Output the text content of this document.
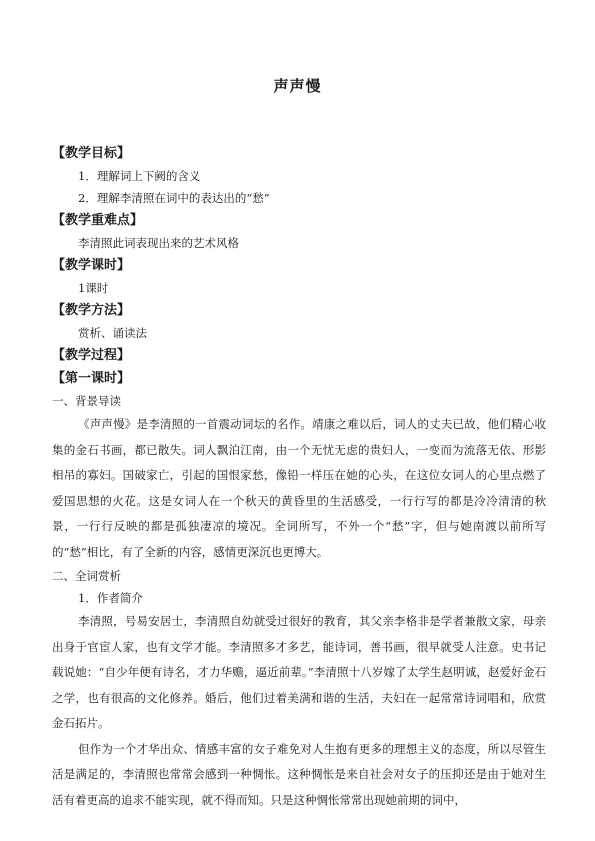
声声慢
【教学目标】
1．理解词上下阙的含义
2．理解李清照在词中的表达出的“愁”
【教学重难点】
李清照此词表现出来的艺术风格
【教学课时】
1课时
【教学方法】
赏析、诵读法
【教学过程】
【第一课时】
一、背景导读

《声声慢》是李清照的一首震动词坛的名作。靖康之难以后，词人的丈夫已故，他们精心收集的金石书画，都已散失。词人飘泊江南，由一个无忧无虑的贵妇人，一变而为流落无依、形影相吊的寡妇。国破家亡，引起的国恨家愁，像铅一样压在她的心头，在这位女词人的心里点燃了爱国思想的火花。这是女词人在一个秋天的黄昏里的生活感受，一行行写的都是冷冷清清的秋景，一行行反映的都是孤独凄凉的境况。全词所写，不外一个“愁”字，但与她南渡以前所写的“愁”相比，有了全新的内容，感情更深沉也更博大。

二、全词赏析
1．作者简介

李清照，号易安居士，李清照自幼就受过很好的教育，其父亲李格非是学者兼散文家，母亲出身于官宦人家，也有文学才能。李清照多才多艺，能诗词，善书画，很早就受人注意。史书记载说她：“自少年便有诗名，才力华赡，逼近前辈。”李清照十八岁嫁了太学生赵明诚，赵爱好金石之学，也有很高的文化修养。婚后，他们过着美满和谐的生活，夫妇在一起常常诗词唱和，欣赏金石拓片。

但作为一个才华出众、情感丰富的女子难免对人生抱有更多的理想主义的态度，所以尽管生活是满足的，李清照也常常会感到一种惆怅。这种惆怅是来自社会对女子的压抑还是由于她对生活有着更高的追求不能实现，就不得而知。只是这种惆怅常常出现她前期的词中，
